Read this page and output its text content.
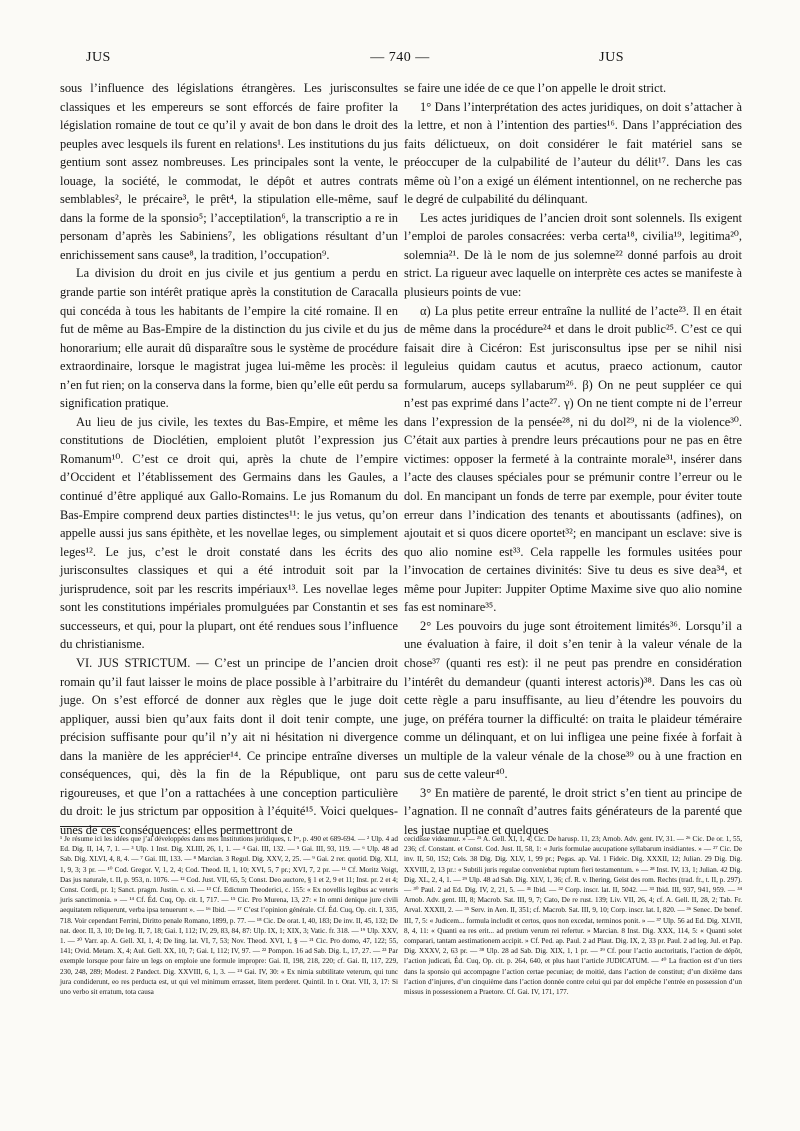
JUS	— 740 —	JUS

sous l’influence des législations étrangères. Les jurisconsultes classiques et les empereurs se sont efforcés de faire profiter la législation romaine de tout ce qu’il y avait de bon dans le droit des peuples avec lesquels ils furent en relations¹. Les institutions du jus gentium sont assez nombreuses. Les principales sont la vente, le louage, la société, le commodat, le dépôt et autres contrats semblables², le précaire³, le prêt⁴, la stipulation elle-même, sauf dans la forme de la sponsio⁵; l’acceptilation⁶, la transcriptio a re in personam d’après les Sabiniens⁷, les obligations résultant d’un enrichissement sans cause⁸, la tradition, l’occupation⁹.

La division du droit en jus civile et jus gentium a perdu en grande partie son intérêt pratique après la constitution de Caracalla qui concéda à tous les habitants de l’empire la cité romaine. Il en fut de même au Bas-Empire de la distinction du jus civile et du jus honorarium; elle aurait dû disparaître sous le système de procédure extraordinaire, lorsque le magistrat jugea lui-même les procès: il n’en fut rien; on la conserva dans la forme, bien qu’elle eût perdu sa signification pratique.

Au lieu de jus civile, les textes du Bas-Empire, et même les constitutions de Dioclétien, emploient plutôt l’expression jus Romanum¹⁰. C’est ce droit qui, après la chute de l’empire d’Occident et l’établissement des Germains dans les Gaules, a continué d’être appliqué aux Gallo-Romains. Le jus Romanum du Bas-Empire comprend deux parties distinctes¹¹: le jus vetus, qu’on appelle aussi jus sans épithète, et les novellae leges, ou simplement leges¹². Le jus, c’est le droit constaté dans les écrits des jurisconsultes classiques et qui a été introduit soit par la jurisprudence, soit par les rescrits impériaux¹³. Les novellae leges sont les constitutions impériales promulguées par Constantin et ses successeurs, et qui, pour la plupart, ont été rendues sous l’influence du christianisme.

VI. JUS STRICTUM. — C’est un principe de l’ancien droit romain qu’il faut laisser le moins de place possible à l’arbitraire du juge. On s’est efforcé de donner aux règles que le juge doit appliquer, aussi bien qu’aux faits dont il doit tenir compte, une précision suffisante pour qu’il n’y ait ni hésitation ni divergence dans la manière de les apprécier¹⁴. Ce principe entraîne diverses conséquences, qui, dès la fin de la République, ont paru rigoureuses, et que l’on a rattachées à une conception particulière du droit: le jus strictum par opposition à l’équité¹⁵. Voici quelques-unes de ces conséquences: elles permettront de

se faire une idée de ce que l’on appelle le droit strict.

1° Dans l’interprétation des actes juridiques, on doit s’attacher à la lettre, et non à l’intention des parties¹⁶. Dans l’appréciation des faits délictueux, on doit considérer le fait matériel sans se préoccuper de la culpabilité de l’auteur du délit¹⁷. Dans les cas même où l’on a exigé un élément intentionnel, on ne recherche pas le degré de culpabilité du délinquant.

Les actes juridiques de l’ancien droit sont solennels. Ils exigent l’emploi de paroles consacrées: verba certa¹⁸, civilia¹⁹, legitima²⁰, solemnia²¹. De là le nom de jus solemne²² donné parfois au droit strict. La rigueur avec laquelle on interprète ces actes se manifeste à plusieurs points de vue:

α) La plus petite erreur entraîne la nullité de l’acte²³. Il en était de même dans la procédure²⁴ et dans le droit public²⁵. C’est ce qui faisait dire à Cicéron: Est jurisconsultus ipse per se nihil nisi leguleius quidam cautus et acutus, praeco actionum, cautor formularum, auceps syllabarum²⁶. β) On ne peut suppléer ce qui n’est pas exprimé dans l’acte²⁷. γ) On ne tient compte ni de l’erreur dans l’expression de la pensée²⁸, ni du dol²⁹, ni de la violence³⁰. C’était aux parties à prendre leurs précautions pour ne pas en être victimes: opposer la fermeté à la contrainte morale³¹, insérer dans l’acte des clauses spéciales pour se prémunir contre l’erreur ou le dol. En mancipant un fonds de terre par exemple, pour éviter toute erreur dans l’indication des tenants et aboutissants (adfines), on ajoutait et si quos dicere oportet³²; en mancipant un esclave: sive is quo alio nomine est³³. Cela rappelle les formules usitées pour l’invocation de certaines divinités: Sive tu deus es sive dea³⁴, et même pour Jupiter: Juppiter Optime Maxime sive quo alio nomine fas est nominare³⁵.

2° Les pouvoirs du juge sont étroitement limités³⁶. Lorsqu’il a une évaluation à faire, il doit s’en tenir à la valeur vénale de la chose³⁷ (quanti res est): il ne peut pas prendre en considération l’intérêt du demandeur (quanti interest actoris)³⁸. Dans les cas où cette règle a paru insuffisante, au lieu d’étendre les pouvoirs du juge, on préféra tourner la difficulté: on traita le plaideur téméraire comme un délinquant, et on lui infligea une peine fixée à forfait à un multiple de la valeur vénale de la chose³⁹ ou à une fraction en sus de cette valeur⁴⁰.

3° En matière de parenté, le droit strict s’en tient au principe de l’agnation. Il ne connaît d’autres faits générateurs de la parenté que les justae nuptiae et quelques

¹ Je résume ici les idées que j’ai développées dans mes Institutions juridiques, t. Iᵉʳ, p. 490 et 689-694. — ² Ulp. 4 ad Ed. Dig. II, 14, 7, 1. — ³ Ulp. 1 Inst. Dig. XLIII, 26, 1, 1. — ⁴ Gai. III, 132. — ⁵ Gai. III, 93, 119. — ⁶ Ulp. 48 ad Sab. Dig. XLVI, 4, 8, 4. — ⁷ Gai. III, 133. — ⁸ Marcian. 3 Regul. Dig. XXV, 2, 25. — ⁹ Gai. 2 rer. quotid. Dig. XLI, 1, 9, 3; 3 pr. — ¹⁰ Cod. Gregor. V, 1, 2, 4; Cod. Theod. II, 1, 10; XVI, 5, 7 pr.; XVI, 7, 2 pr. — ¹¹ Cf. Moritz Voigt, Das jus naturale, t. II, p. 953, n. 1076. — ¹² Cod. Just. VII, 65, 5; Const. Deo auctore, § 1 et 2, 9 et 11; Inst. pr. 2 et 4; Const. Cordi, pr. 1; Sanct. pragm. Justin. c. xi. — ¹³ Cf. Edictum Theoderici, c. 155: « Ex novellis legibus ac veteris juris sanctimonia. » — ¹⁴ Cf. Éd. Cuq, Op. cit. I, 717. — ¹⁵ Cic. Pro Murena, 13, 27: « In omni denique jure civili aequitatem reliquerunt, verba ipsa tenuerunt ». — ¹⁶ Ibid. — ¹⁷ C’est l’opinion générale. Cf. Éd. Cuq, Op. cit. I, 335, 718. Voir cependant Ferrini, Diritto penale Romano, 1899, p. 77. — ¹⁸ Cic. De orat. I, 40, 183; De inv. II, 45, 132; De nat. deor. II, 3, 10; De leg. II, 7, 18; Gai. I, 112; IV, 29, 83, 84, 87: Ulp. IX, 1; XIX, 3; Vatic. fr. 318. — ¹⁹ Ulp. XXV, 1. — ²⁰ Varr. ap. A. Gell. XI, 1, 4; De ling. lat. VI, 7, 53; Nov. Theod. XVI, 1, § — ²¹ Cic. Pro domo, 47, 122; 55, 141; Ovid. Metam. X, 4; Aul. Gell. XX, 10, 7; Gai. I, 112; IV, 97. — ²² Pompon. 16 ad Sab. Dig. L, 17, 27. — ²³ Par exemple lorsque pour faire un legs on emploie une formule impropre: Gai. II, 198, 218, 220; cf. Gai. II, 117, 229, 230, 248, 289; Modest. 2 Pandect. Dig. XXVIII, 6, 1, 3. — ²⁴ Gai. IV, 30: « Ex nimia subtilitate veterum, qui tunc jura condiderunt, eo res perducta est, ut qui vel minimum errasset, litem perderet. Quintil. In t. Orat. VII, 3, 17: Si uno verbo sit erratum, tota causa

cecidisse videamur. » — ²⁵ A. Gell. XI, 1, 4; Cic. De harusp. 11, 23; Arnob. Adv. gent. IV, 31. — ²⁶ Cic. De or. 1, 55, 236; cf. Constant. et Const. Cod. Just. II, 58, 1: « Juris formulae aucupatione syllabarum insidiantes. » — ²⁷ Cic. De inv. II, 50, 152; Cels. 38 Dig. Dig. XLV, 1, 99 pr.; Pegas. ap. Val. 1 Fideic. Dig. XXXII, 12; Julian. 29 Dig. Dig. XXVIII, 2, 13 pr.: « Subtili juris regulae conveniebat ruptum fieri testamentum. » — ²⁸ Inst. IV, 13, 1; Julian. 42 Dig. Dig. XL, 2, 4, 1. — ²⁹ Ulp. 48 ad Sab. Dig. XLV, 1, 36; cf. R. v. Ihering, Geist des rom. Rechts (trad. fr., t. II, p. 297). — ³⁰ Paul. 2 ad Ed. Dig. IV, 2, 21, 5. — ³¹ Ibid. — ³² Corp. inscr. lat. II, 5042. — ³³ Ibid. III, 937, 941, 959. — ³⁴ Arnob. Adv. gent. III, 8; Macrob. Sat. III, 9, 7; Cato, De re rust. 139; Liv. VII, 26, 4; cf. A. Gell. II, 28, 2; Tab. Fr. Arval. XXXII, 2. — ³⁵ Serv. in Aen. II, 351; cf. Macrob. Sat. III, 9, 10; Corp. inscr. lat. I, 820. — ³⁶ Senec. De benef. III, 7, 5: « Judicem... formula includit et certos, quos non excedat, terminos ponit. » — ³⁷ Ulp. 56 ad Ed. Dig. XLVII, 8, 4, 11: « Quanti ea res erit... ad pretium verum rei refertur. » Marcian. 8 Inst. Dig. XXX, 114, 5: « Quanti solet comparari, tantam aestimationem accipit. » Cf. Ped. ap. Paul. 2 ad Plaut. Dig. IX, 2, 33 pr. Paul. 2 ad leg. Jul. et Pap. Dig. XXXV, 2, 63 pr. — ³⁸ Ulp. 28 ad Sab. Dig. XIX, 1, 1 pr. — ³⁹ Cf. pour l’actio auctoritatis, l’action de dépôt, l’action judicati, Éd. Cuq, Op. cit. p. 264, 640, et plus haut l’article JUDICATUM. — ⁴⁰ La fraction est d’un tiers dans la sponsio qui accompagne l’action certae pecuniae; de moitié, dans l’action de constitut; d’un dixième dans l’action d’injures, d’un cinquième dans l’action donnée contre celui qui par dol empêche l’entrée en possession d’un missus in possessionem a Praetore. Cf. Gai. IV, 171, 177.
